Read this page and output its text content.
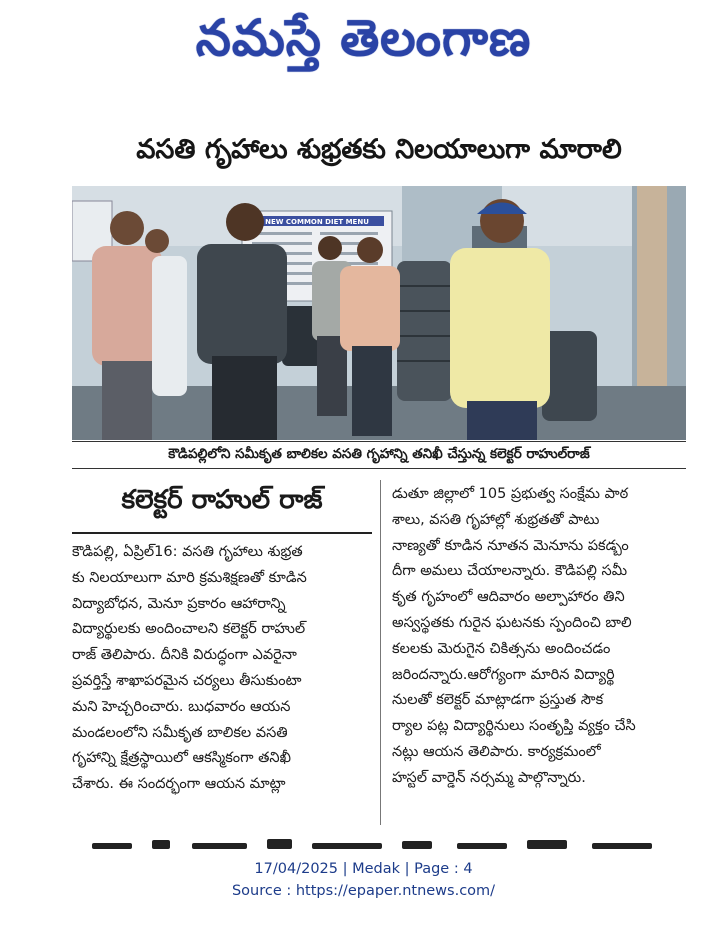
నమస్తే తెలంగాణ
వసతి గృహాలు శుభ్రతకు నిలయాలుగా మారాలి
NEW COMMON DIET MENU
కౌడిపల్లిలోని సమీకృత బాలికల వసతి గృహాన్ని తనిఖీ చేస్తున్న కలెక్టర్ రాహుల్‌రాజ్
కలెక్టర్ రాహుల్ రాజ్

కౌడిపల్లి, ఏప్రిల్16: వసతి గృహాలు శుభ్రత

కు నిలయాలుగా మారి క్రమశిక్షణతో కూడిన

విద్యాబోధన, మెనూ ప్రకారం ఆహారాన్ని

విద్యార్థులకు అందించాలని కలెక్టర్ రాహుల్

రాజ్ తెలిపారు. దీనికి విరుద్ధంగా ఎవరైనా

ప్రవర్తిస్తే శాఖాపరమైన చర్యలు తీసుకుంటా

మని హెచ్చరించారు. బుధవారం ఆయన

మండలంలోని సమీకృత బాలికల వసతి

గృహాన్ని క్షేత్రస్థాయిలో ఆకస్మికంగా తనిఖీ

చేశారు. ఈ సందర్భంగా ఆయన మాట్లా

డుతూ జిల్లాలో 105 ప్రభుత్వ సంక్షేమ పాఠ

శాలు, వసతి గృహాల్లో శుభ్రతతో పాటు

నాణ్యతో కూడిన నూతన మెనూను పకడ్బం

దీగా అమలు చేయాలన్నారు. కౌడిపల్లి సమీ

కృత గృహంలో ఆదివారం అల్పాహారం తిని

అస్వస్థతకు గురైన ఘటనకు స్పందించి బాలి

కలలకు మెరుగైన చికిత్సను అందించడం

జరిందన్నారు.ఆరోగ్యంగా మారిన విద్యార్థి

నులతో కలెక్టర్ మాట్లాడగా ప్రస్తుత సౌక

ర్యాల పట్ల విద్యార్థినులు సంతృప్తి వ్యక్తం చేసి

నట్లు ఆయన తెలిపారు. కార్యక్రమంలో

హస్టల్ వార్డెన్ నర్సమ్మ పాల్గొన్నారు.

17/04/2025 | Medak | Page : 4
Source : https://epaper.ntnews.com/
